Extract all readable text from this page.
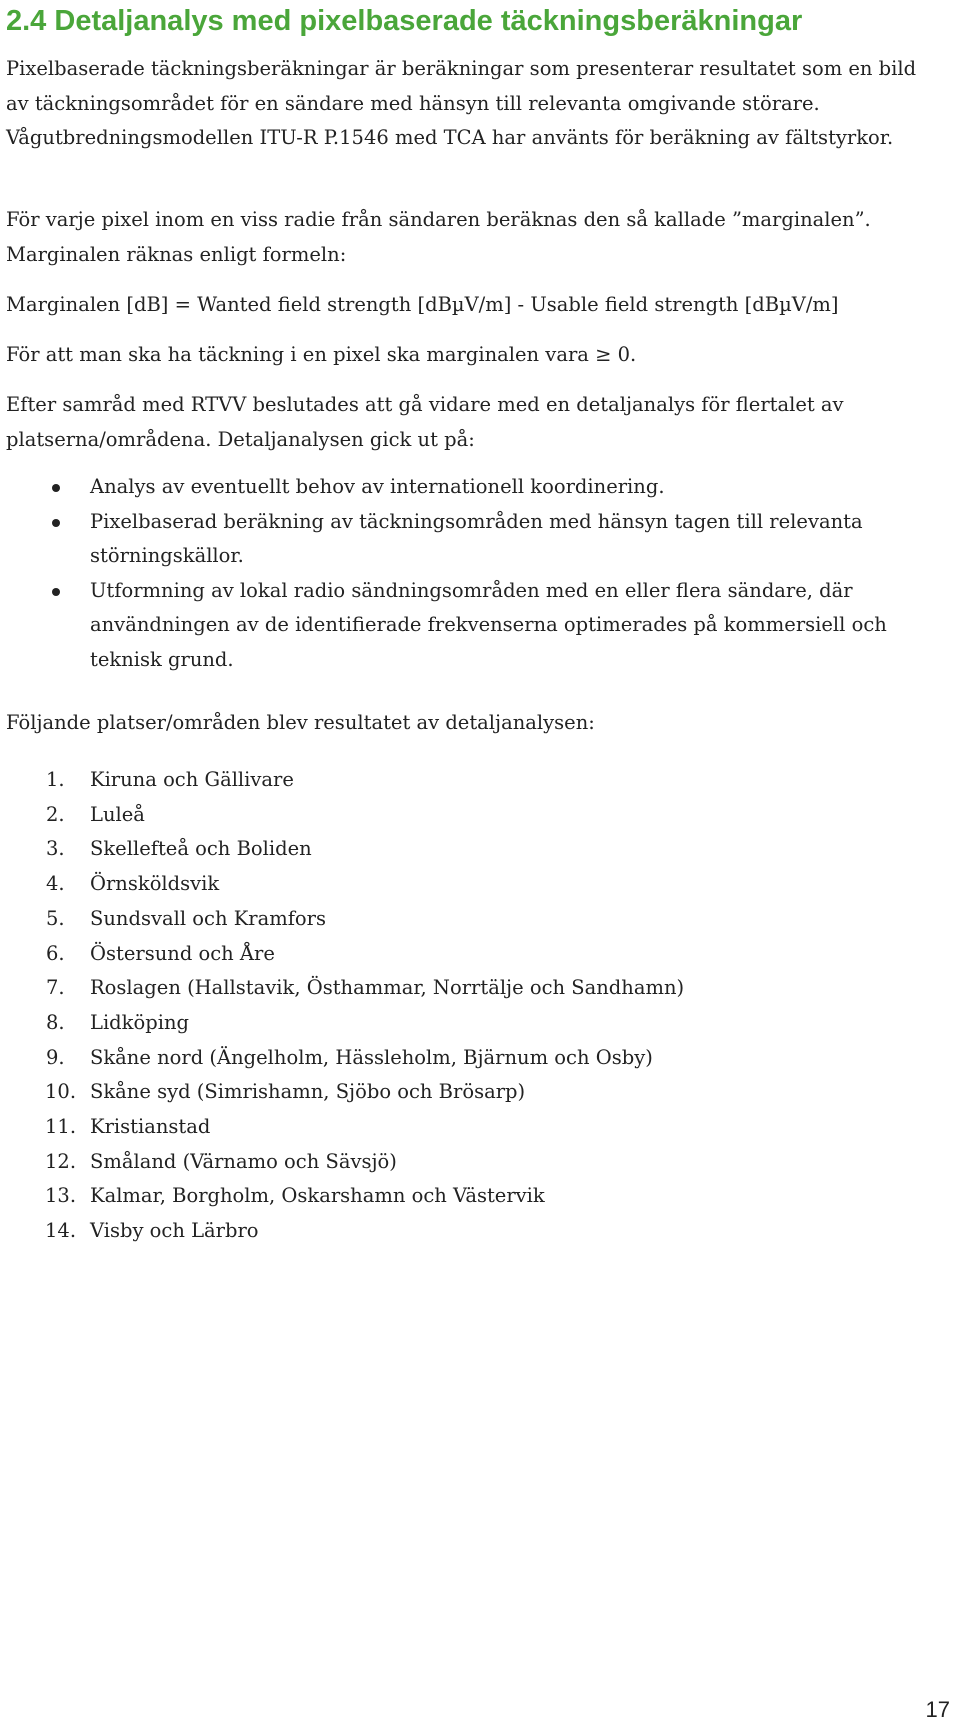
2.4 Detaljanalys med pixelbaserade täckningsberäkningar

Pixelbaserade täckningsberäkningar är beräkningar som presenterar resultatet som en bild av täckningsområdet för en sändare med hänsyn till relevanta omgivande störare. Vågutbredningsmodellen ITU-R P.1546 med TCA har använts för beräkning av fältstyrkor.

För varje pixel inom en viss radie från sändaren beräknas den så kallade ”marginalen”. Marginalen räknas enligt formeln:

Marginalen [dB] = Wanted field strength [dBµV/m] - Usable field strength [dBµV/m]

För att man ska ha täckning i en pixel ska marginalen vara ≥ 0.

Efter samråd med RTVV beslutades att gå vidare med en detaljanalys för flertalet av platserna/områdena. Detaljanalysen gick ut på:

Analys av eventuellt behov av internationell koordinering.
Pixelbaserad beräkning av täckningsområden med hänsyn tagen till relevanta störningskällor.
Utformning av lokal radio sändningsområden med en eller flera sändare, där användningen av de identifierade frekvenserna optimerades på kommersiell och teknisk grund.

Följande platser/områden blev resultatet av detaljanalysen:

1.	Kiruna och Gällivare
2.	Luleå
3.	Skellefteå och Boliden
4.	Örnsköldsvik
5.	Sundsvall och Kramfors
6.	Östersund och Åre
7.	Roslagen (Hallstavik, Östhammar, Norrtälje och Sandhamn)
8.	Lidköping
9.	Skåne nord (Ängelholm, Hässleholm, Bjärnum och Osby)
10. Skåne syd (Simrishamn, Sjöbo och Brösarp)
11. Kristianstad
12. Småland (Värnamo och Sävsjö)
13. Kalmar, Borgholm, Oskarshamn och Västervik
14. Visby och Lärbro
17
